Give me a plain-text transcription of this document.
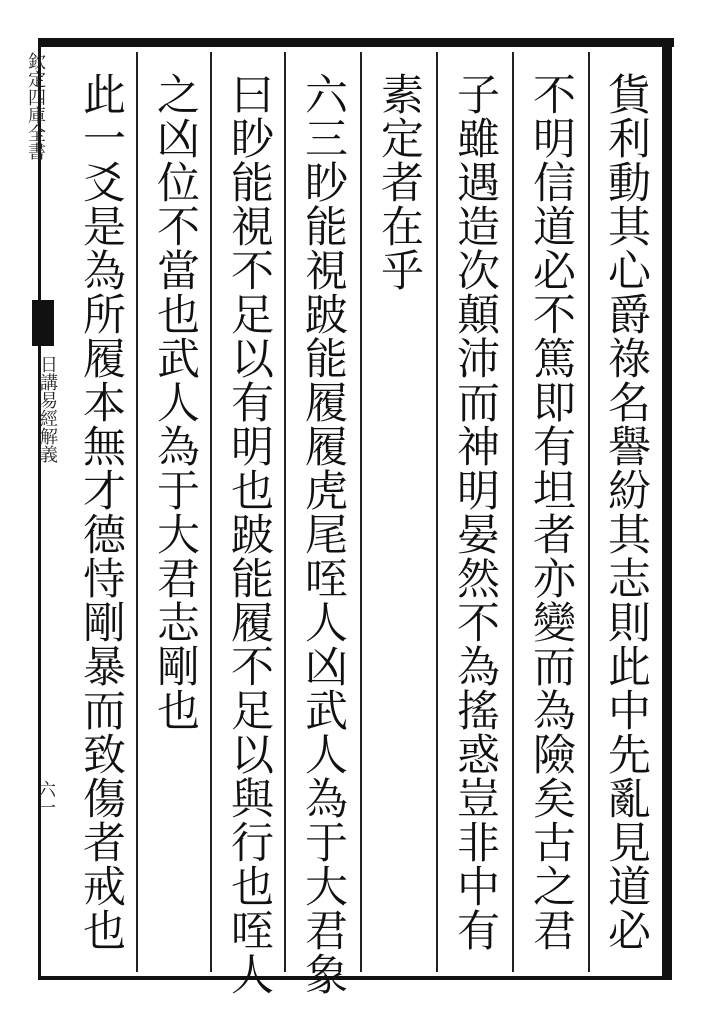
貨利動其心爵祿名譽紛其志則此中先亂見道必
不明信道必不篤即有坦者亦變而為險矣古之君
子雖遇造次顛沛而神明晏然不為搖惑豈非中有
素定者在乎
六三眇能視跛能履履虎尾咥人凶武人為于大君象
曰眇能視不足以有明也跛能履不足以與行也咥人
之凶位不當也武人為于大君志剛也
此一爻是為所履本無才德恃剛暴而致傷者戒也
欽定四庫全書
日講易經解義
六一
